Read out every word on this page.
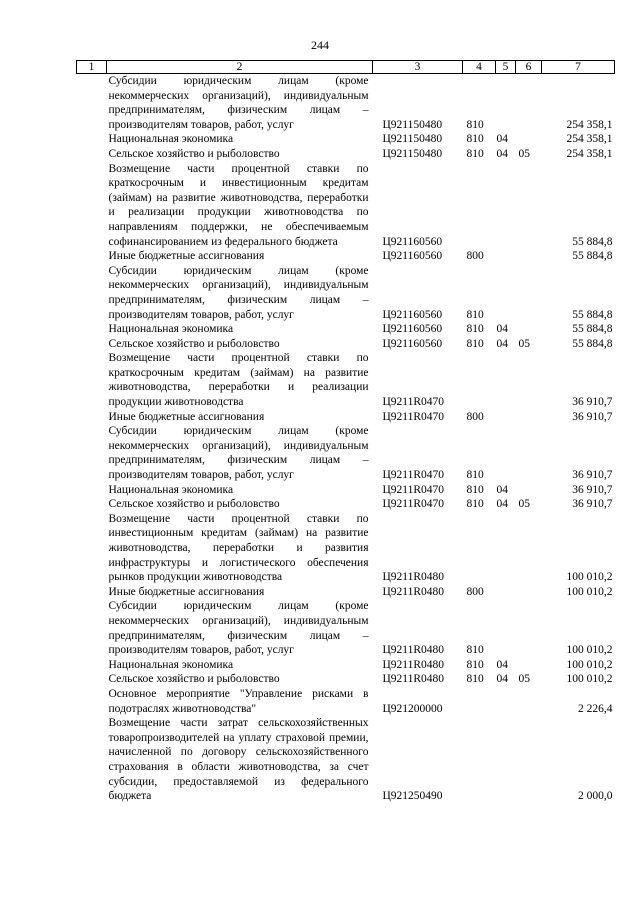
244
1	2	3	4	5	6	7
	Субсидии юридическим лицам (кроме некоммерческих организаций), индивидуальным предпринимателям, физическим лицам – производителям товаров, работ, услуг	Ц921150480	810			254 358,1
	Национальная экономика	Ц921150480	810	04		254 358,1
	Сельское хозяйство и рыболовство	Ц921150480	810	04	05	254 358,1
	Возмещение части процентной ставки по краткосрочным и инвестиционным кредитам (займам) на развитие животноводства, переработки и реализации продукции животноводства по направлениям поддержки, не обеспечиваемым софинансированием из федерального бюджета	Ц921160560				55 884,8
	Иные бюджетные ассигнования	Ц921160560	800			55 884,8
	Субсидии юридическим лицам (кроме некоммерческих организаций), индивидуальным предпринимателям, физическим лицам – производителям товаров, работ, услуг	Ц921160560	810			55 884,8
	Национальная экономика	Ц921160560	810	04		55 884,8
	Сельское хозяйство и рыболовство	Ц921160560	810	04	05	55 884,8
	Возмещение части процентной ставки по краткосрочным кредитам (займам) на развитие животноводства, переработки и реализации продукции животноводства	Ц9211R0470				36 910,7
	Иные бюджетные ассигнования	Ц9211R0470	800			36 910,7
	Субсидии юридическим лицам (кроме некоммерческих организаций), индивидуальным предпринимателям, физическим лицам – производителям товаров, работ, услуг	Ц9211R0470	810			36 910,7
	Национальная экономика	Ц9211R0470	810	04		36 910,7
	Сельское хозяйство и рыболовство	Ц9211R0470	810	04	05	36 910,7
	Возмещение части процентной ставки по инвестиционным кредитам (займам) на развитие животноводства, переработки и развития инфраструктуры и логистического обеспечения рынков продукции животноводства	Ц9211R0480				100 010,2
	Иные бюджетные ассигнования	Ц9211R0480	800			100 010,2
	Субсидии юридическим лицам (кроме некоммерческих организаций), индивидуальным предпринимателям, физическим лицам – производителям товаров, работ, услуг	Ц9211R0480	810			100 010,2
	Национальная экономика	Ц9211R0480	810	04		100 010,2
	Сельское хозяйство и рыболовство	Ц9211R0480	810	04	05	100 010,2
	Основное мероприятие "Управление рисками в подотраслях животноводства"	Ц921200000				2 226,4
	Возмещение части затрат сельскохозяйственных товаропроизводителей на уплату страховой премии, начисленной по договору сельскохозяйственного страхования в области животноводства, за счет субсидии, предоставляемой из федерального бюджета	Ц921250490				2 000,0
